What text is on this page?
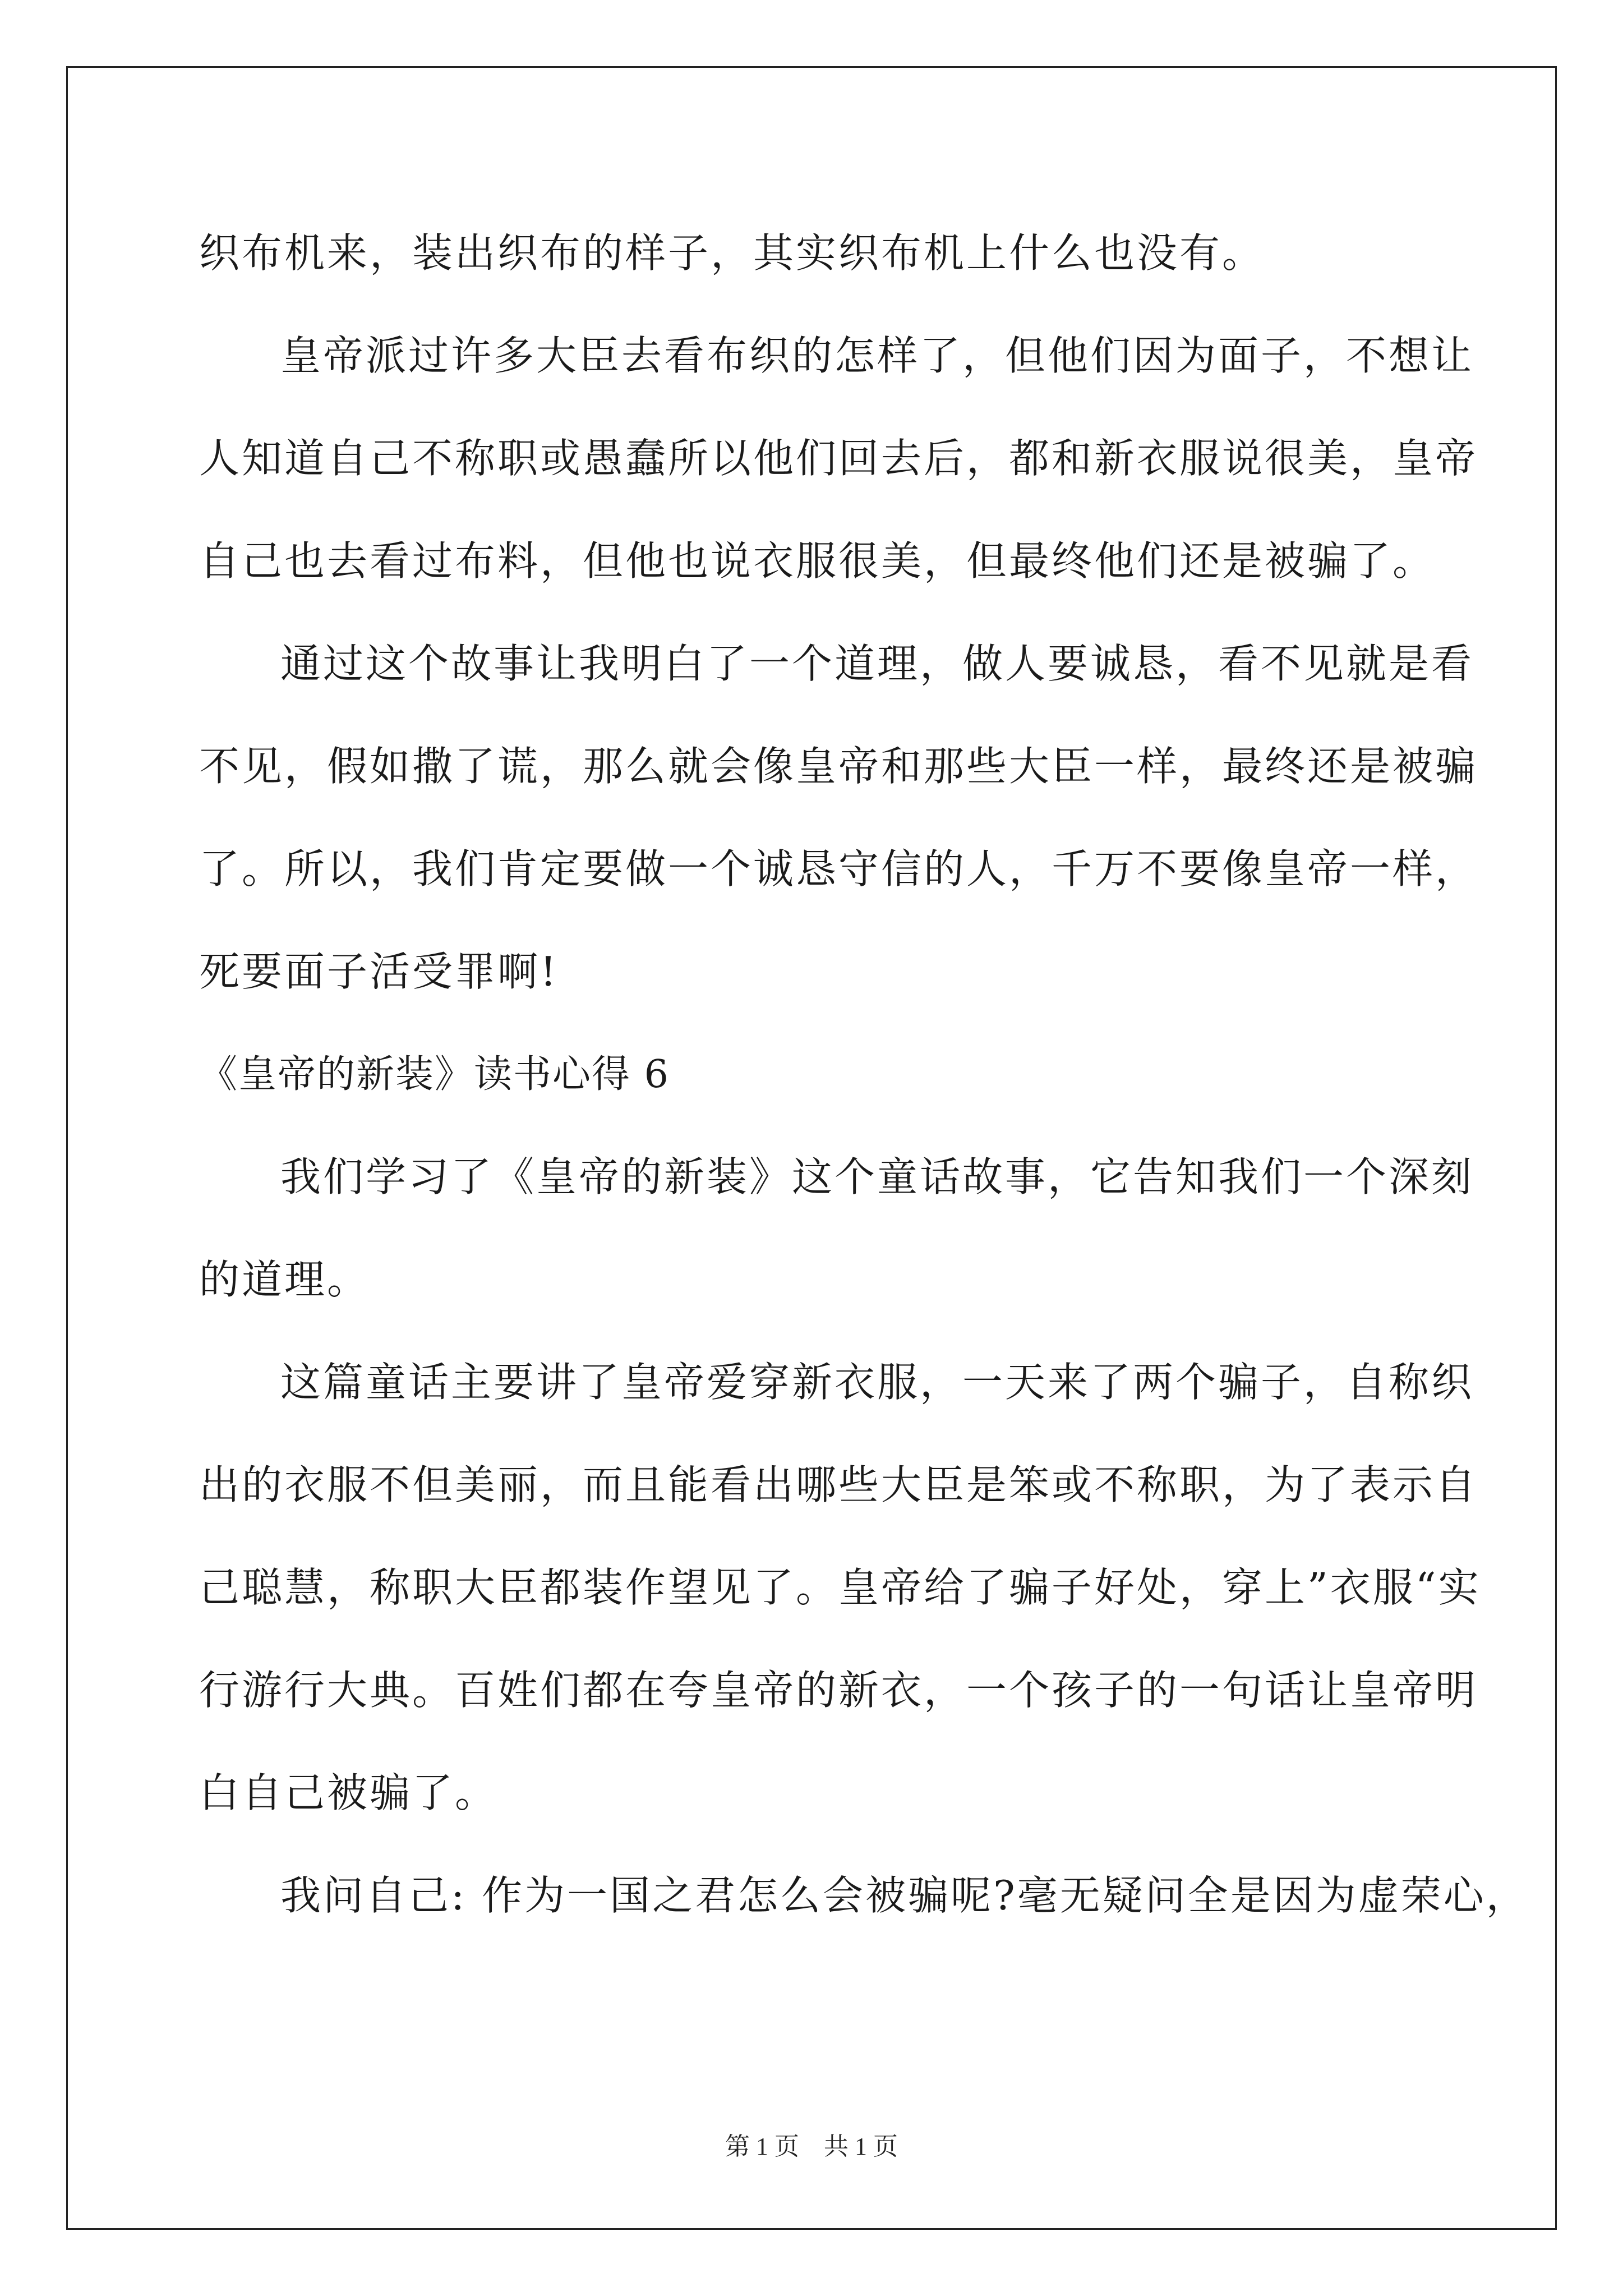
织布机来，装出织布的样子，其实织布机上什么也没有。
皇帝派过许多大臣去看布织的怎样了，但他们因为面子，不想让
人知道自己不称职或愚蠢所以他们回去后，都和新衣服说很美，皇帝
自己也去看过布料，但他也说衣服很美，但最终他们还是被骗了。
通过这个故事让我明白了一个道理，做人要诚恳，看不见就是看
不见，假如撒了谎，那么就会像皇帝和那些大臣一样，最终还是被骗
了。所以，我们肯定要做一个诚恳守信的人，千万不要像皇帝一样，
死要面子活受罪啊!
《皇帝的新装》读书心得 6
我们学习了《皇帝的新装》这个童话故事，它告知我们一个深刻
的道理。
这篇童话主要讲了皇帝爱穿新衣服，一天来了两个骗子，自称织
出的衣服不但美丽，而且能看出哪些大臣是笨或不称职，为了表示自
己聪慧，称职大臣都装作望见了。皇帝给了骗子好处，穿上”衣服“实
行游行大典。百姓们都在夸皇帝的新衣，一个孩子的一句话让皇帝明
白自己被骗了。
我问自己: 作为一国之君怎么会被骗呢?毫无疑问全是因为虚荣心，
第 1 页　共 1 页
